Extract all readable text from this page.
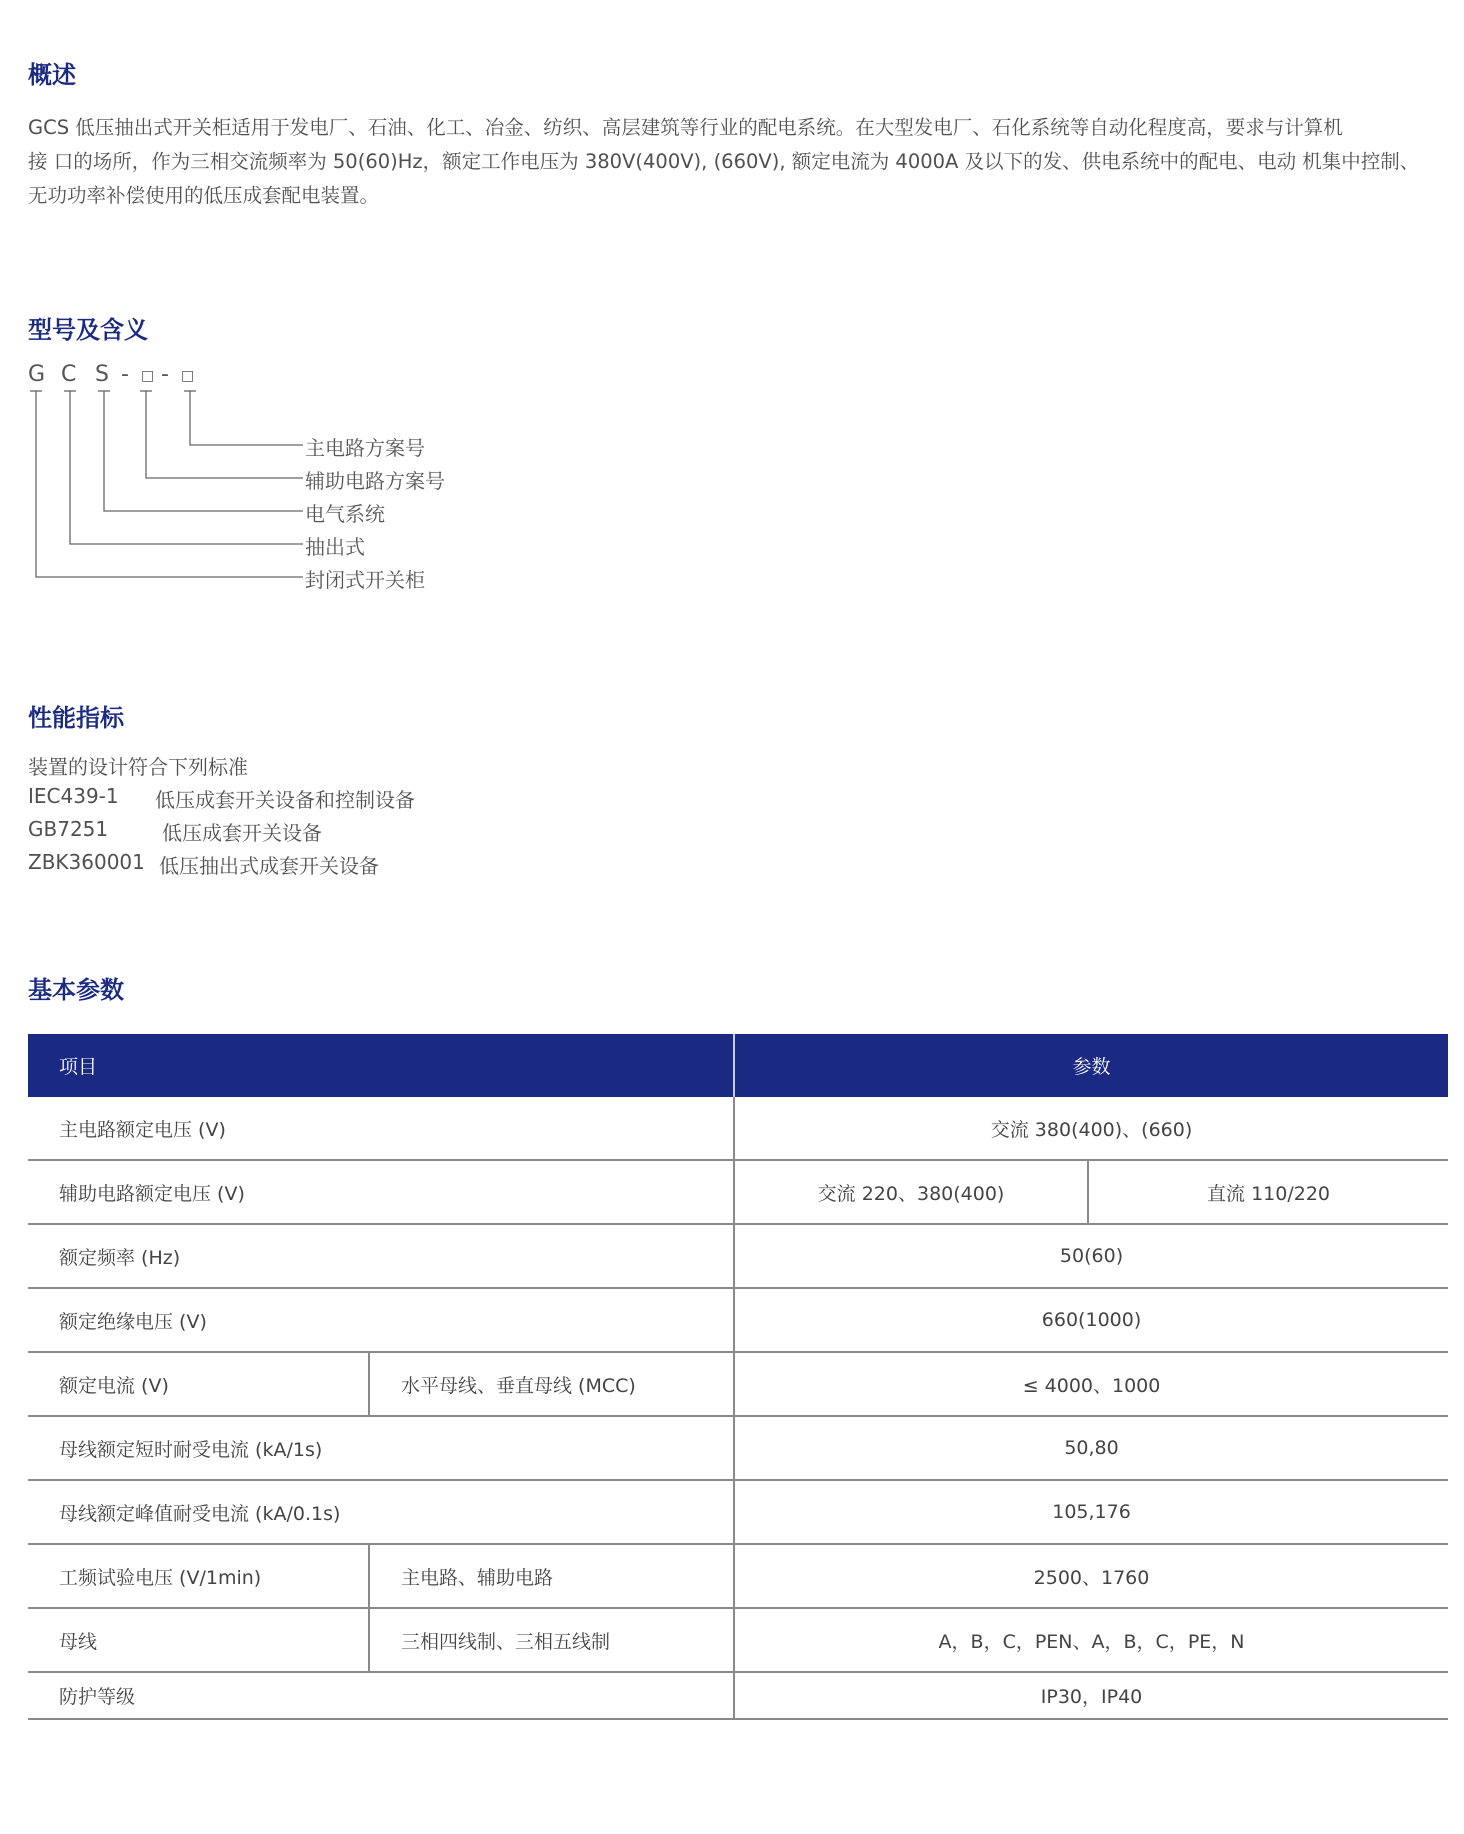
概述
GCS 低压抽出式开关柜适用于发电厂、石油、化工、冶金、纺织、高层建筑等行业的配电系统。在大型发电厂、石化系统等自动化程度高，要求与计算机
接 口的场所，作为三相交流频率为 50(60)Hz，额定工作电压为 380V(400V), (660V), 额定电流为 4000A 及以下的发、供电系统中的配电、电动 机集中控制、
无功功率补偿使用的低压成套配电装置。
型号及含义
G C S - □ - □
主电路方案号
辅助电路方案号
电气系统
抽出式
封闭式开关柜
性能指标
装置的设计符合下列标准
IEC439-1 低压成套开关设备和控制设备
GB7251	低压成套开关设备
ZBK360001 低压抽出式成套开关设备
基本参数
项目		参数	
主电路额定电压 (V)		交流 380(400)、(660)	
辅助电路额定电压 (V)		交流 220、380(400)	直流 110/220
额定频率 (Hz)		50(60)	
额定绝缘电压 (V)		660(1000)	
额定电流 (V)	水平母线、垂直母线 (MCC)	≤ 4000、1000	
母线额定短时耐受电流 (kA/1s)		50,80	
母线额定峰值耐受电流 (kA/0.1s)		105,176	
工频试验电压 (V/1min)	主电路、辅助电路	2500、1760	
母线	三相四线制、三相五线制	A，B，C，PEN、A，B，C，PE，N	
防护等级		IP30，IP40	
